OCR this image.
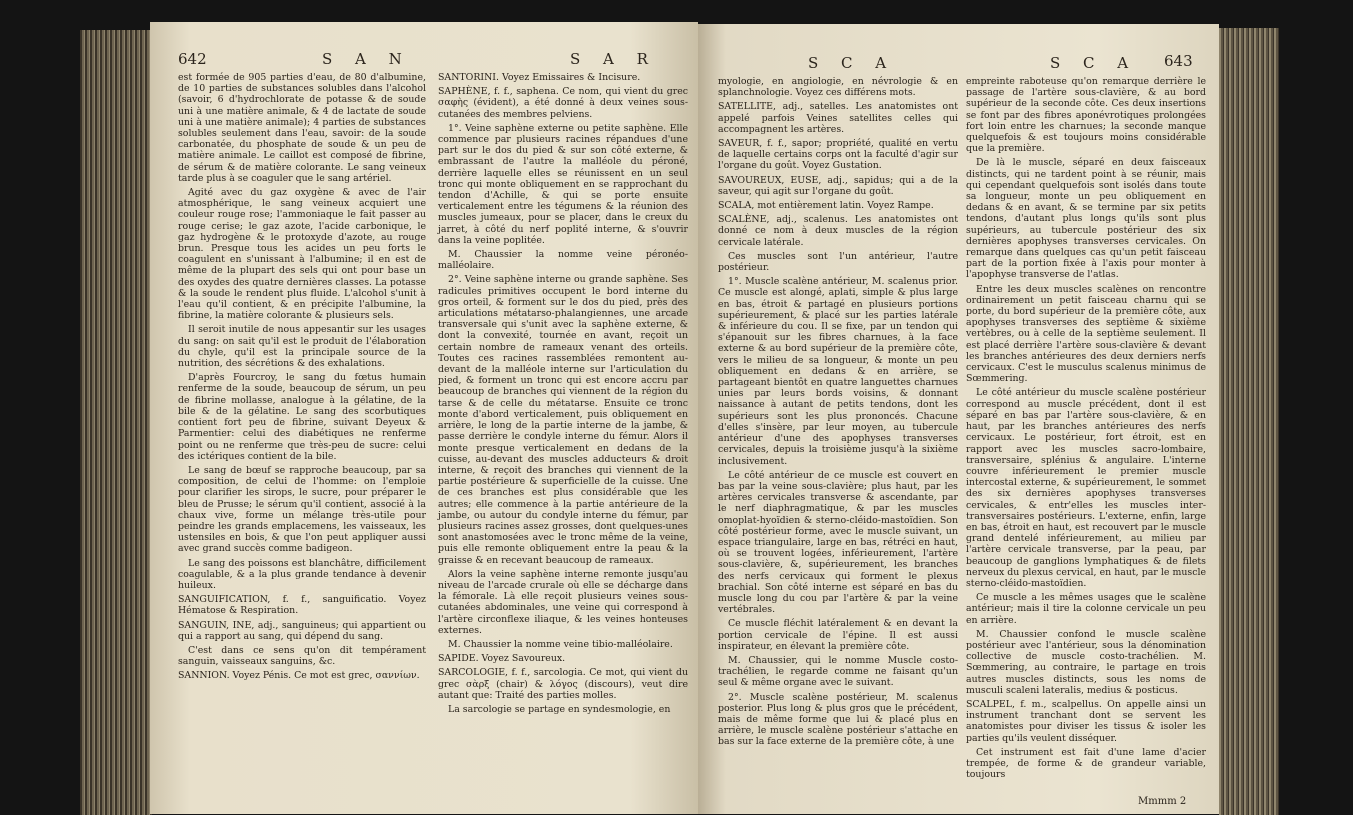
642	S A N	S A R

est formée de 905 parties d'eau, de 80 d'albumine, de 10 parties de substances solubles dans l'alcohol (savoir, 6 d'hydrochlorate de potasse & de soude uni à une matière animale, & 4 de lactate de soude uni à une matière animale); 4 parties de substances solubles seulement dans l'eau, savoir: de la soude carbonatée, du phosphate de soude & un peu de matière animale. Le caillot est composé de fibrine, de sérum & de matière colorante. Le sang veineux tarde plus à se coaguler que le sang artériel.

Agité avec du gaz oxygène & avec de l'air atmosphérique, le sang veineux acquiert une couleur rouge rose; l'ammoniaque le fait passer au rouge cerise; le gaz azote, l'acide carbonique, le gaz hydrogène & le protoxyde d'azote, au rouge brun. Presque tous les acides un peu forts le coagulent en s'unissant à l'albumine; il en est de même de la plupart des sels qui ont pour base un des oxydes des quatre dernières classes. La potasse & la soude le rendent plus fluide. L'alcohol s'unit à l'eau qu'il contient, & en précipite l'albumine, la fibrine, la matière colorante & plusieurs sels.

Il seroit inutile de nous appesantir sur les usages du sang: on sait qu'il est le produit de l'élaboration du chyle, qu'il est la principale source de la nutrition, des sécrétions & des exhalations.

D'après Fourcroy, le sang du fœtus humain renferme de la soude, beaucoup de sérum, un peu de fibrine mollasse, analogue à la gélatine, de la bile & de la gélatine. Le sang des scorbutiques contient fort peu de fibrine, suivant Deyeux & Parmentier: celui des diabétiques ne renferme point ou ne renferme que très-peu de sucre: celui des ictériques contient de la bile.

Le sang de bœuf se rapproche beaucoup, par sa composition, de celui de l'homme: on l'emploie pour clarifier les sirops, le sucre, pour préparer le bleu de Prusse; le sérum qu'il contient, associé à la chaux vive, forme un mélange très-utile pour peindre les grands emplacemens, les vaisseaux, les ustensiles en bois, & que l'on peut appliquer aussi avec grand succès comme badigeon.

Le sang des poissons est blanchâtre, difficilement coagulable, & a la plus grande tendance à devenir huileux.

SANGUIFICATION, f. f., sanguificatio. Voyez Hématose & Respiration.

SANGUIN, INE, adj., sanguineus; qui appartient ou qui a rapport au sang, qui dépend du sang.

C'est dans ce sens qu'on dit tempérament sanguin, vaisseaux sanguins, &c.

SANNION. Voyez Pénis. Ce mot est grec, σαννίων.

SANTORINI. Voyez Emissaires & Incisure.

SAPHÈNE, f. f., saphena. Ce nom, qui vient du grec σαφὴς (évident), a été donné à deux veines sous-cutanées des membres pelviens.

1°. Veine saphène externe ou petite saphène. Elle commence par plusieurs racines répandues d'une part sur le dos du pied & sur son côté externe, & embrassant de l'autre la malléole du péroné, derrière laquelle elles se réunissent en un seul tronc qui monte obliquement en se rapprochant du tendon d'Achille, & qui se porte ensuite verticalement entre les tégumens & la réunion des muscles jumeaux, pour se placer, dans le creux du jarret, à côté du nerf poplité interne, & s'ouvrir dans la veine poplitée.

M. Chaussier la nomme veine péronéo-malléolaire.

2°. Veine saphène interne ou grande saphène. Ses radicules primitives occupent le bord interne du gros orteil, & forment sur le dos du pied, près des articulations métatarso-phalangiennes, une arcade transversale qui s'unit avec la saphène externe, & dont la convexité, tournée en avant, reçoit un certain nombre de rameaux venant des orteils. Toutes ces racines rassemblées remontent au-devant de la malléole interne sur l'articulation du pied, & forment un tronc qui est encore accru par beaucoup de branches qui viennent de la région du tarse & de celle du métatarse. Ensuite ce tronc monte d'abord verticalement, puis obliquement en arrière, le long de la partie interne de la jambe, & passe derrière le condyle interne du fémur. Alors il monte presque verticalement en dedans de la cuisse, au-devant des muscles adducteurs & droit interne, & reçoit des branches qui viennent de la partie postérieure & superficielle de la cuisse. Une de ces branches est plus considérable que les autres; elle commence à la partie antérieure de la jambe, ou autour du condyle interne du fémur, par plusieurs racines assez grosses, dont quelques-unes sont anastomosées avec le tronc même de la veine, puis elle remonte obliquement entre la peau & la graisse & en recevant beaucoup de rameaux.

Alors la veine saphène interne remonte jusqu'au niveau de l'arcade crurale où elle se décharge dans la fémorale. Là elle reçoit plusieurs veines sous-cutanées abdominales, une veine qui correspond à l'artère circonflexe iliaque, & les veines honteuses externes.

M. Chaussier la nomme veine tibio-malléolaire.

SAPIDE. Voyez Savoureux.

SARCOLOGIE, f. f., sarcologia. Ce mot, qui vient du grec σὰρξ (chair) & λόγος (discours), veut dire autant que: Traité des parties molles.

La sarcologie se partage en syndesmologie, en

S C A	S C A 643

myologie, en angiologie, en névrologie & en splanchnologie. Voyez ces différens mots.

SATELLITE, adj., satelles. Les anatomistes ont appelé parfois Veines satellites celles qui accompagnent les artères.

SAVEUR, f. f., sapor; propriété, qualité en vertu de laquelle certains corps ont la faculté d'agir sur l'organe du goût. Voyez Gustation.

SAVOUREUX, EUSE, adj., sapidus; qui a de la saveur, qui agit sur l'organe du goût.

SCALA, mot entièrement latin. Voyez Rampe.

SCALÈNE, adj., scalenus. Les anatomistes ont donné ce nom à deux muscles de la région cervicale latérale.

Ces muscles sont l'un antérieur, l'autre postérieur.

1°. Muscle scalène antérieur, M. scalenus prior. Ce muscle est alongé, aplati, simple & plus large en bas, étroit & partagé en plusieurs portions supérieurement, & placé sur les parties latérale & inférieure du cou. Il se fixe, par un tendon qui s'épanouit sur les fibres charnues, à la face externe & au bord supérieur de la première côte, vers le milieu de sa longueur, & monte un peu obliquement en dedans & en arrière, se partageant bientôt en quatre languettes charnues unies par leurs bords voisins, & donnant naissance à autant de petits tendons, dont les supérieurs sont les plus prononcés. Chacune d'elles s'insère, par leur moyen, au tubercule antérieur d'une des apophyses transverses cervicales, depuis la troisième jusqu'à la sixième inclusivement.

Le côté antérieur de ce muscle est couvert en bas par la veine sous-clavière; plus haut, par les artères cervicales transverse & ascendante, par le nerf diaphragmatique, & par les muscles omoplat-hyoïdien & sterno-cléido-mastoïdien. Son côté postérieur forme, avec le muscle suivant, un espace triangulaire, large en bas, rétréci en haut, où se trouvent logées, inférieurement, l'artère sous-clavière, &, supérieurement, les branches des nerfs cervicaux qui forment le plexus brachial. Son côté interne est séparé en bas du muscle long du cou par l'artère & par la veine vertébrales.

Ce muscle fléchit latéralement & en devant la portion cervicale de l'épine. Il est aussi inspirateur, en élevant la première côte.

M. Chaussier, qui le nomme Muscle costo-trachélien, le regarde comme ne faisant qu'un seul & même organe avec le suivant.

2°. Muscle scalène postérieur, M. scalenus posterior. Plus long & plus gros que le précédent, mais de même forme que lui & placé plus en arrière, le muscle scalène postérieur s'attache en bas sur la face externe de la première côte, à une

empreinte raboteuse qu'on remarque derrière le passage de l'artère sous-clavière, & au bord supérieur de la seconde côte. Ces deux insertions se font par des fibres aponévrotiques prolongées fort loin entre les charnues; la seconde manque quelquefois & est toujours moins considérable que la première.

De là le muscle, séparé en deux faisceaux distincts, qui ne tardent point à se réunir, mais qui cependant quelquefois sont isolés dans toute sa longueur, monte un peu obliquement en dedans & en avant, & se termine par six petits tendons, d'autant plus longs qu'ils sont plus supérieurs, au tubercule postérieur des six dernières apophyses transverses cervicales. On remarque dans quelques cas qu'un petit faisceau part de la portion fixée à l'axis pour monter à l'apophyse transverse de l'atlas.

Entre les deux muscles scalènes on rencontre ordinairement un petit faisceau charnu qui se porte, du bord supérieur de la première côte, aux apophyses transverses des septième & sixième vertèbres, ou à celle de la septième seulement. Il est placé derrière l'artère sous-clavière & devant les branches antérieures des deux derniers nerfs cervicaux. C'est le musculus scalenus minimus de Sœmmering.

Le côté antérieur du muscle scalène postérieur correspond au muscle précédent, dont il est séparé en bas par l'artère sous-clavière, & en haut, par les branches antérieures des nerfs cervicaux. Le postérieur, fort étroit, est en rapport avec les muscles sacro-lombaire, transversaire, splénius & angulaire. L'interne couvre inférieurement le premier muscle intercostal externe, & supérieurement, le sommet des six dernières apophyses transverses cervicales, & entr'elles les muscles inter-transversaires postérieurs. L'externe, enfin, large en bas, étroit en haut, est recouvert par le muscle grand dentelé inférieurement, au milieu par l'artère cervicale transverse, par la peau, par beaucoup de ganglions lymphatiques & de filets nerveux du plexus cervical, en haut, par le muscle sterno-cléido-mastoïdien.

Ce muscle a les mêmes usages que le scalène antérieur; mais il tire la colonne cervicale un peu en arrière.

M. Chaussier confond le muscle scalène postérieur avec l'antérieur, sous la dénomination collective de muscle costo-trachélien. M. Sœmmering, au contraire, le partage en trois autres muscles distincts, sous les noms de musculi scaleni lateralis, medius & posticus.

SCALPEL, f. m., scalpellus. On appelle ainsi un instrument tranchant dont se servent les anatomistes pour diviser les tissus & isoler les parties qu'ils veulent disséquer.

Cet instrument est fait d'une lame d'acier trempée, de forme & de grandeur variable, toujours

Mmmm 2
